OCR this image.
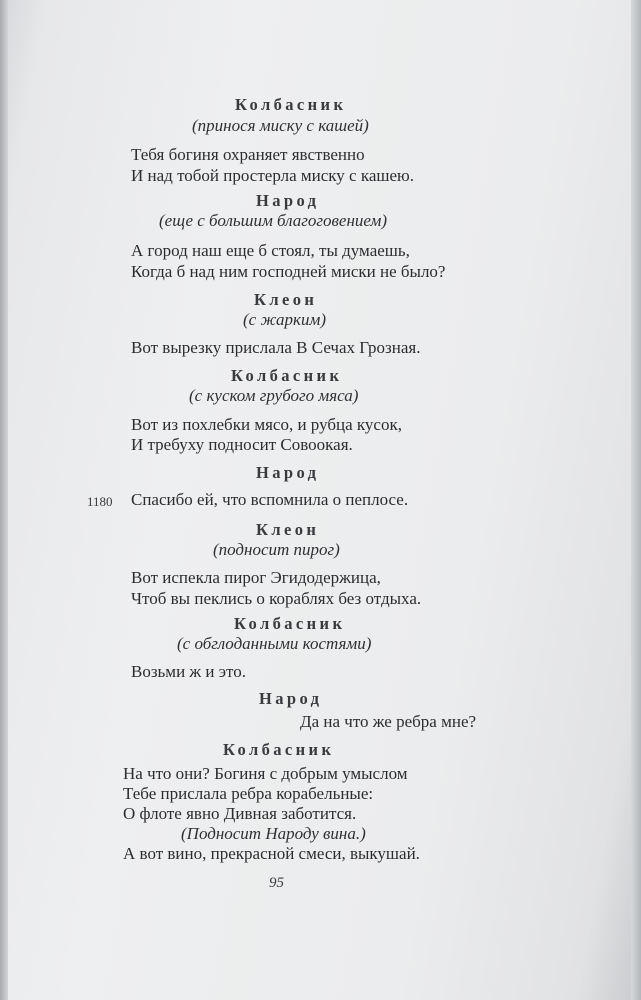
Колбасник
(принося миску с кашей)
Тебя богиня охраняет явственно
И над тобой простерла миску с кашею.
Народ
(еще с большим благоговением)
А город наш еще б стоял, ты думаешь,
Когда б над ним господней миски не было?
Клеон
(с жарким)
Вот вырезку прислала В Сечах Грозная.
Колбасник
(с куском грубого мяса)
Вот из похлебки мясо, и рубца кусок,
И требуху подносит Совоокая.
Народ
1180 Спасибо ей, что вспомнила о пеплосе.
Клеон
(подносит пирог)
Вот испекла пирог Эгидодержица,
Чтоб вы пеклись о кораблях без отдыха.
Колбасник
(с обглоданными костями)
Возьми ж и это.
Народ
Да на что же ребра мне?
Колбасник
На что они? Богиня с добрым умыслом
Тебе прислала ребра корабельные:
О флоте явно Дивная заботится.
(Подносит Народу вина.)
А вот вино, прекрасной смеси, выкушай.
95
